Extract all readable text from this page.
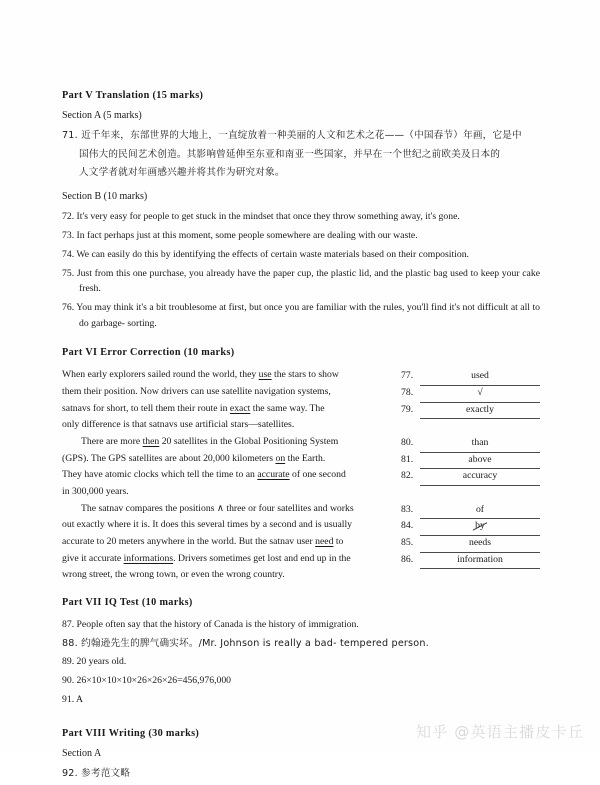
Part V Translation (15 marks)
Section A (5 marks)
71. 近千年来，东部世界的大地上，一直绽放着一种美丽的人文和艺术之花——（中国春节）年画，它是中
国伟大的民间艺术创造。其影响曾延伸至东亚和南亚一些国家，并早在一个世纪之前欧美及日本的
人文学者就对年画感兴趣并将其作为研究对象。
Section B (10 marks)
72. It's very easy for people to get stuck in the mindset that once they throw something away, it's gone.
73. In fact perhaps just at this moment, some people somewhere are dealing with our waste.
74. We can easily do this by identifying the effects of certain waste materials based on their composition.
75. Just from this one purchase, you already have the paper cup, the plastic lid, and the plastic bag used to keep your cake fresh.
76. You may think it's a bit troublesome at first, but once you are familiar with the rules, you'll find it's not difficult at all to do garbage- sorting.
Part VI Error Correction (10 marks)

When early explorers sailed round the world, they use the stars to show

them their position. Now drivers can use satellite navigation systems,

satnavs for short, to tell them their route in exact the same way. The

only difference is that satnavs use artificial stars—satellites.

There are more then 20 satellites in the Global Positioning System

(GPS). The GPS satellites are about 20,000 kilometers on the Earth.

They have atomic clocks which tell the time to an accurate of one second

in 300,000 years.

The satnav compares the positions ∧ three or four satellites and works

out exactly where it is. It does this several times by a second and is usually

accurate to 20 meters anywhere in the world. But the satnav user need to

give it accurate informations. Drivers sometimes get lost and end up in the

wrong street, the wrong town, or even the wrong country.

77.	used
78.	√
79.	exactly
80.	than
81.	above
82.	accuracy
83.	of
84.	by
85.	needs
86.	information
Part VII IQ Test (10 marks)
87. People often say that the history of Canada is the history of immigration.
88. 约翰逊先生的脾气确实坏。/Mr. Johnson is really a bad- tempered person.
89. 20 years old.
90. 26×10×10×10×26×26×26=456,976,000
91. A
Part VIII Writing (30 marks)
Section A
92. 参考范文略
知乎 @英语主播皮卡丘
